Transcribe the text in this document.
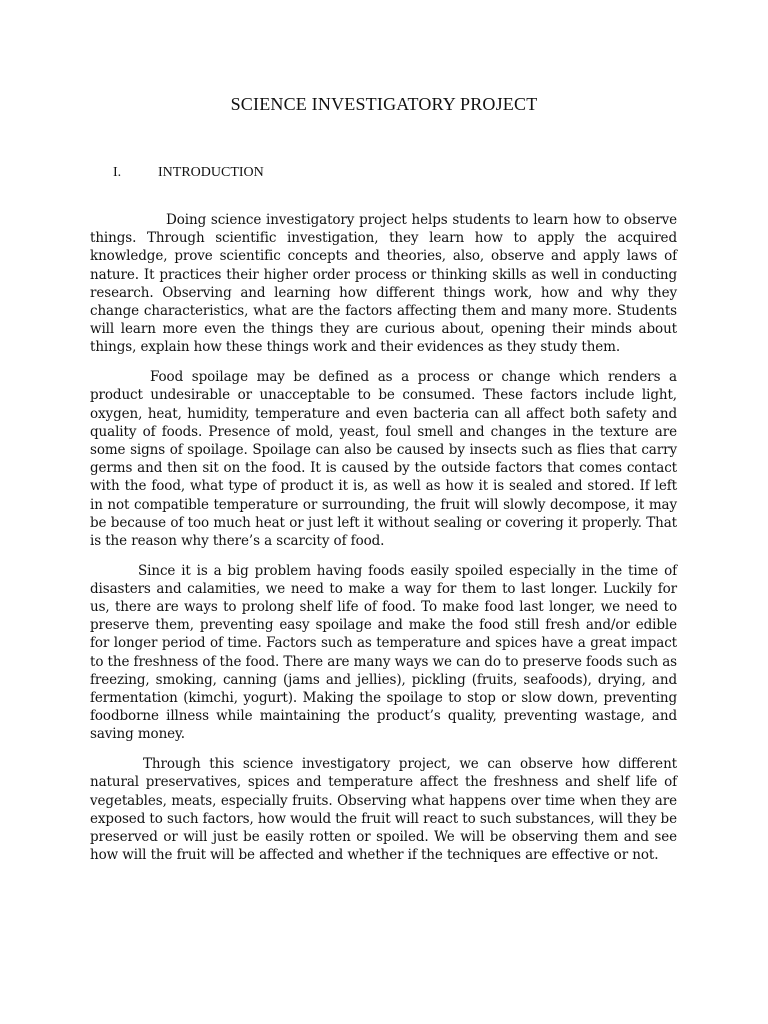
SCIENCE INVESTIGATORY PROJECT
I.	INTRODUCTION

Doing science investigatory project helps students to learn how to observe things. Through scientific investigation, they learn how to apply the acquired knowledge, prove scientific concepts and theories, also, observe and apply laws of nature. It practices their higher order process or thinking skills as well in conducting research. Observing and learning how different things work, how and why they change characteristics, what are the factors affecting them and many more. Students will learn more even the things they are curious about, opening their minds about things, explain how these things work and their evidences as they study them.

Food spoilage may be defined as a process or change which renders a product undesirable or unacceptable to be consumed. These factors include light, oxygen, heat, humidity, temperature and even bacteria can all affect both safety and quality of foods. Presence of mold, yeast, foul smell and changes in the texture are some signs of spoilage. Spoilage can also be caused by insects such as flies that carry germs and then sit on the food. It is caused by the outside factors that comes contact with the food, what type of product it is, as well as how it is sealed and stored. If left in not compatible temperature or surrounding, the fruit will slowly decompose, it may be because of too much heat or just left it without sealing or covering it properly. That is the reason why there’s a scarcity of food.

Since it is a big problem having foods easily spoiled especially in the time of disasters and calamities, we need to make a way for them to last longer. Luckily for us, there are ways to prolong shelf life of food. To make food last longer, we need to preserve them, preventing easy spoilage and make the food still fresh and/or edible for longer period of time. Factors such as temperature and spices have a great impact to the freshness of the food. There are many ways we can do to preserve foods such as freezing, smoking, canning (jams and jellies), pickling (fruits, seafoods), drying, and fermentation (kimchi, yogurt). Making the spoilage to stop or slow down, preventing foodborne illness while maintaining the product’s quality, preventing wastage, and saving money.

Through this science investigatory project, we can observe how different natural preservatives, spices and temperature affect the freshness and shelf life of vegetables, meats, especially fruits. Observing what happens over time when they are exposed to such factors, how would the fruit will react to such substances, will they be preserved or will just be easily rotten or spoiled. We will be observing them and see how will the fruit will be affected and whether if the techniques are effective or not.
